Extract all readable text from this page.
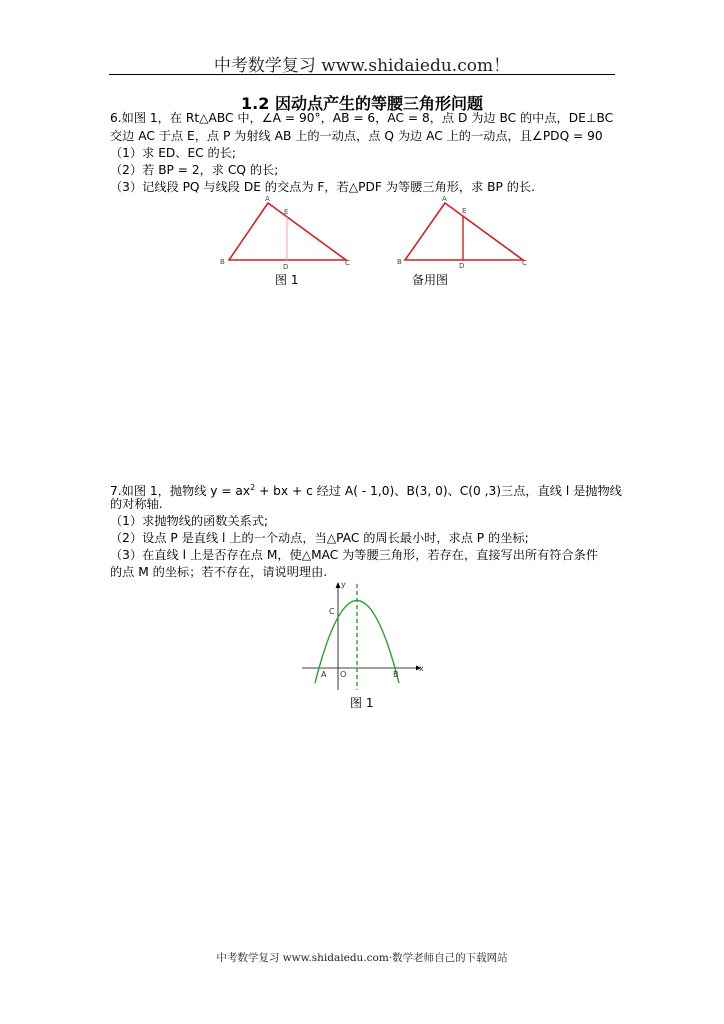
中考数学复习 www.shidaiedu.com！
1.2 因动点产生的等腰三角形问题
6.如图 1，在 Rt△ABC 中，∠A = 90°，AB = 6，AC = 8，点 D 为边 BC 的中点，DE⊥BC
交边 AC 于点 E，点 P 为射线 AB 上的一动点，点 Q 为边 AC 上的一动点，且∠PDQ = 90
（1）求 ED、EC 的长;
（2）若 BP = 2，求 CQ 的长;
（3）记线段 PQ 与线段 DE 的交点为 F，若△PDF 为等腰三角形，求 BP 的长.
A
E
B	C
D
图 1
A
E
B	C
D
备用图
7.如图 1，抛物线 $y = ax^2$ + bx + c 经过 A( - 1,0)、B(3, 0)、C(0 ,3)三点，直线 l 是抛物线
的对称轴.
（1）求抛物线的函数关系式;
（2）设点 P 是直线 l 上的一个动点，当△PAC 的周长最小时，求点 P 的坐标;
（3）在直线 l 上是否存在点 M，使△MAC 为等腰三角形，若存在，直接写出所有符合条件
的点 M 的坐标；若不存在，请说明理由.
y
x
C
A O	B
图 1
中考数学复习 www.shidaiedu.com·数学老师自己的下载网站
